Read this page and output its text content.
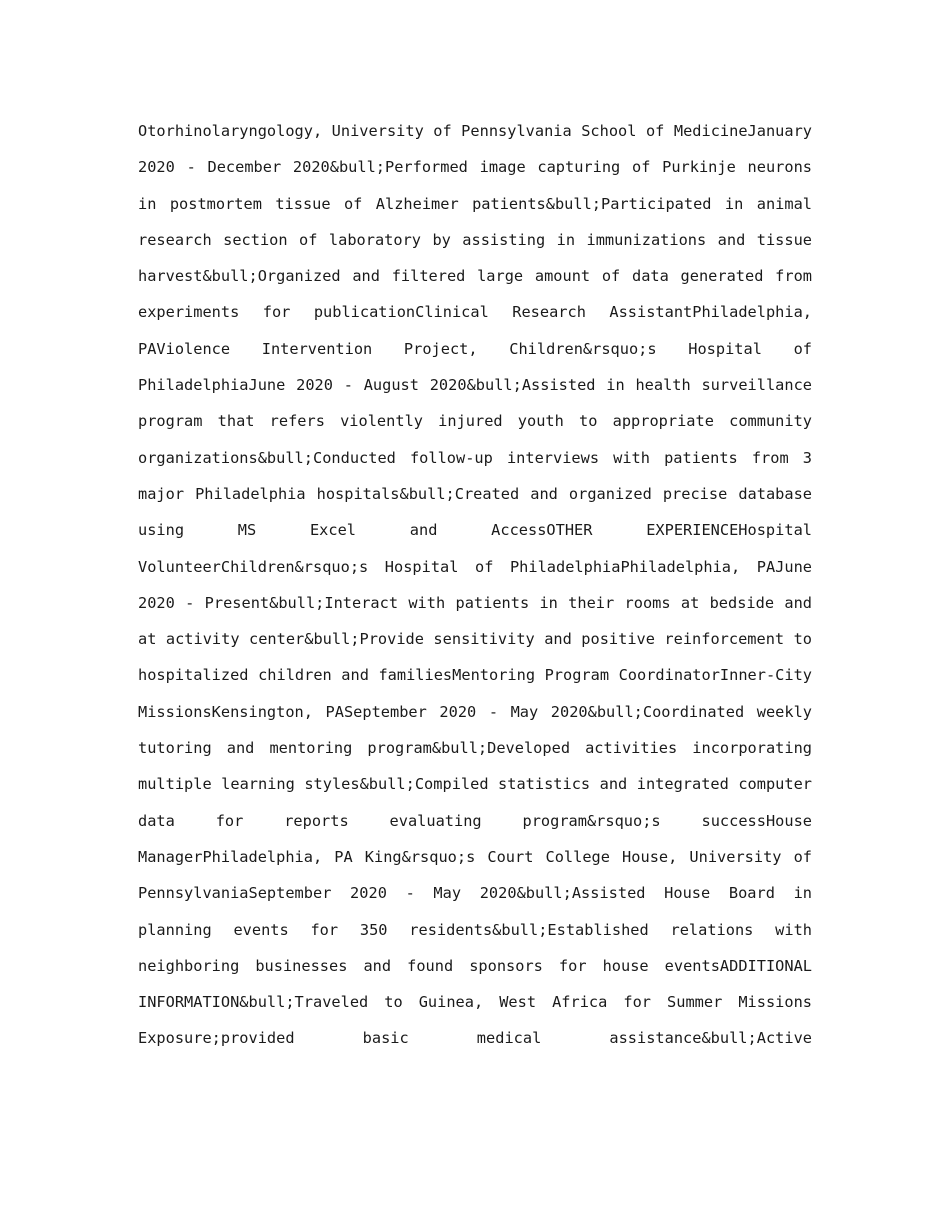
Otorhinolaryngology, University of Pennsylvania School of MedicineJanuary 2020 - December 2020&bull;Performed image capturing of Purkinje neurons in postmortem tissue of Alzheimer patients&bull;Participated in animal research section of laboratory by assisting in immunizations and tissue harvest&bull;Organized and filtered large amount of data generated from experiments for publicationClinical Research AssistantPhiladelphia, PAViolence Intervention Project, Children&rsquo;s Hospital of PhiladelphiaJune 2020 - August 2020&bull;Assisted in health surveillance program that refers violently injured youth to appropriate community organizations&bull;Conducted follow-up interviews with patients from 3 major Philadelphia hospitals&bull;Created and organized precise database using MS Excel and AccessOTHER EXPERIENCEHospital VolunteerChildren&rsquo;s Hospital of PhiladelphiaPhiladelphia, PAJune 2020 - Present&bull;Interact with patients in their rooms at bedside and at activity center&bull;Provide sensitivity and positive reinforcement to hospitalized children and familiesMentoring Program CoordinatorInner-City MissionsKensington, PASeptember 2020 - May 2020&bull;Coordinated weekly tutoring and mentoring program&bull;Developed activities incorporating multiple learning styles&bull;Compiled statistics and integrated computer data for reports evaluating program&rsquo;s successHouse ManagerPhiladelphia, PA King&rsquo;s Court College House, University of PennsylvaniaSeptember 2020 - May 2020&bull;Assisted House Board in planning events for 350 residents&bull;Established relations with neighboring businesses and found sponsors for house eventsADDITIONAL INFORMATION&bull;Traveled to Guinea, West Africa for Summer Missions Exposure;provided basic medical assistance&bull;Active
